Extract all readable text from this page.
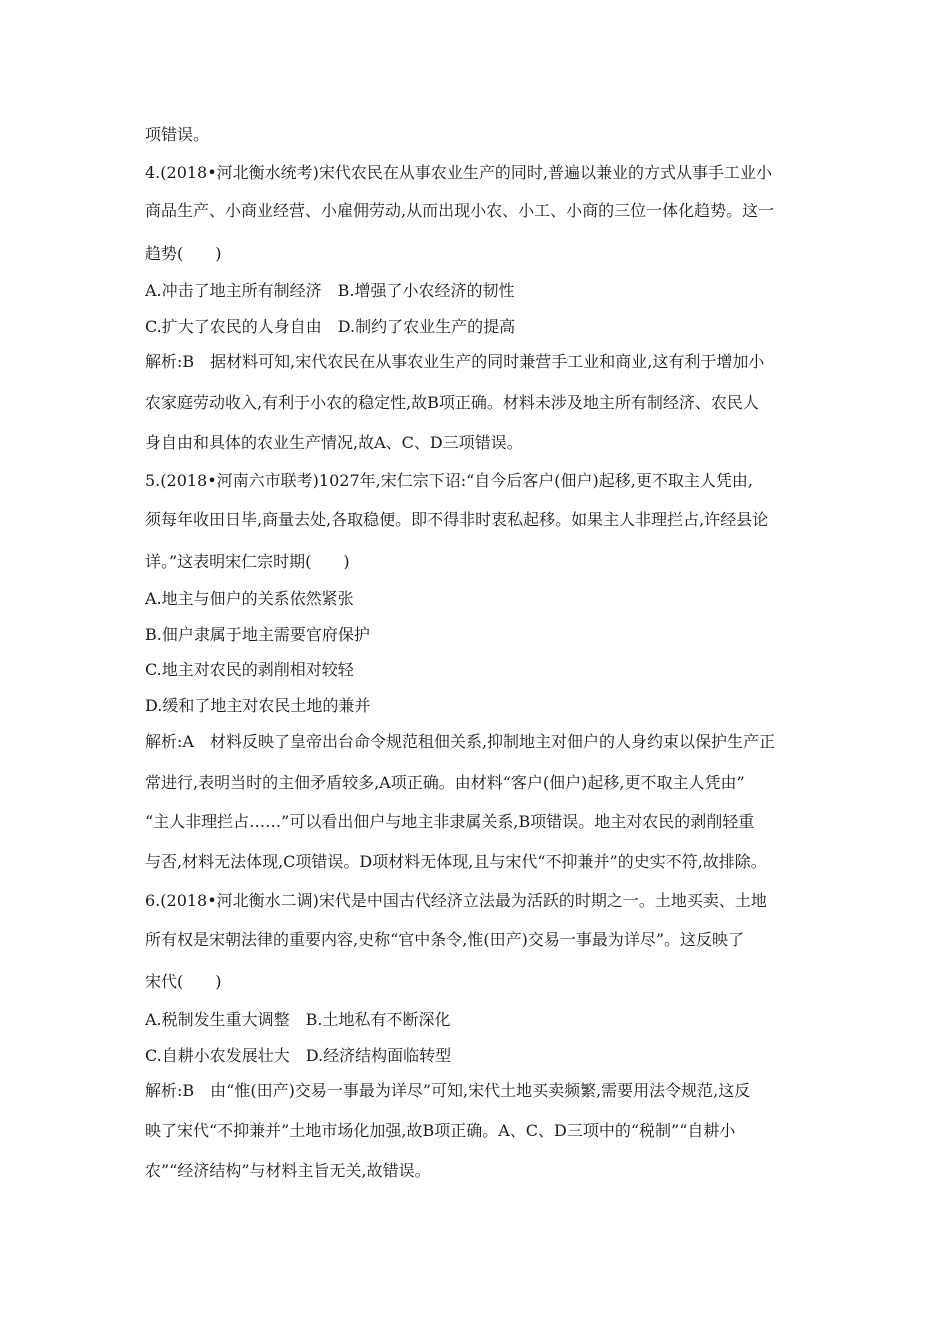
项错误。
4.(2018•河北衡水统考)宋代农民在从事农业生产的同时,普遍以兼业的方式从事手工业小
商品生产、小商业经营、小雇佣劳动,从而出现小农、小工、小商的三位一体化趋势。这一
趋势(　　)
A.冲击了地主所有制经济　B.增强了小农经济的韧性
C.扩大了农民的人身自由　D.制约了农业生产的提高
解析:B　据材料可知,宋代农民在从事农业生产的同时兼营手工业和商业,这有利于增加小
农家庭劳动收入,有利于小农的稳定性,故B项正确。材料未涉及地主所有制经济、农民人
身自由和具体的农业生产情况,故A、C、D三项错误。
5.(2018•河南六市联考)1027年,宋仁宗下诏:“自今后客户(佃户)起移,更不取主人凭由,
须每年收田日毕,商量去处,各取稳便。即不得非时衷私起移。如果主人非理拦占,许经县论
详。”这表明宋仁宗时期(　　)
A.地主与佃户的关系依然紧张
B.佃户隶属于地主需要官府保护
C.地主对农民的剥削相对较轻
D.缓和了地主对农民土地的兼并
解析:A　材料反映了皇帝出台命令规范租佃关系,抑制地主对佃户的人身约束以保护生产正
常进行,表明当时的主佃矛盾较多,A项正确。由材料“客户(佃户)起移,更不取主人凭由”
“主人非理拦占……”可以看出佃户与地主非隶属关系,B项错误。地主对农民的剥削轻重
与否,材料无法体现,C项错误。D项材料无体现,且与宋代“不抑兼并”的史实不符,故排除。
6.(2018•河北衡水二调)宋代是中国古代经济立法最为活跃的时期之一。土地买卖、土地
所有权是宋朝法律的重要内容,史称“官中条令,惟(田产)交易一事最为详尽”。这反映了
宋代(　　)
A.税制发生重大调整　B.土地私有不断深化
C.自耕小农发展壮大　D.经济结构面临转型
解析:B　由“惟(田产)交易一事最为详尽”可知,宋代土地买卖频繁,需要用法令规范,这反
映了宋代“不抑兼并”土地市场化加强,故B项正确。A、C、D三项中的“税制”“自耕小
农”“经济结构”与材料主旨无关,故错误。
